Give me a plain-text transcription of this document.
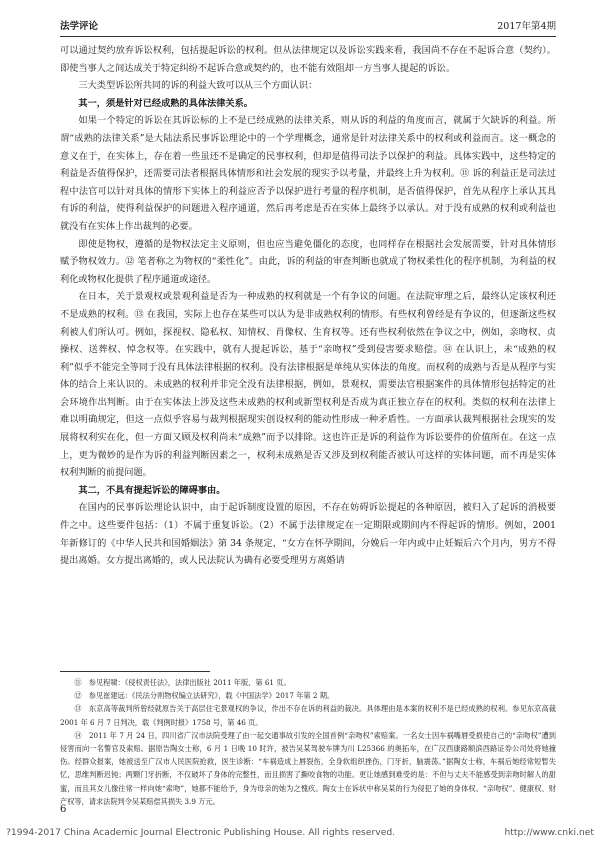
法学评论	2017年第4期

可以通过契约放弃诉讼权利，包括提起诉讼的权利。但从法律规定以及诉讼实践来看，我国尚不存在不起诉合意（契约）。即使当事人之间达成关于特定纠纷不起诉合意或契约的，也不能有效阻却一方当事人提起的诉讼。

三大类型诉讼所共同的诉的利益大致可以从三个方面认识：

其一，须是针对已经成熟的具体法律关系。

如果一个特定的诉讼在其诉讼标的上不是已经成熟的法律关系，则从诉的利益的角度而言，就属于欠缺诉的利益。所谓“成熟的法律关系”是大陆法系民事诉讼理论中的一个学理概念，通常是针对法律关系中的权利或利益而言。这一概念的意义在于，在实体上，存在着一些虽还不是确定的民事权利，但却是值得司法予以保护的利益。具体实践中，这些特定的利益是否值得保护，还需要司法者根据具体情形和社会发展的现实予以考量，并最终上升为权利。⑪ 诉的利益正是司法过程中法官可以针对具体的情形下实体上的利益应否予以保护进行考量的程序机制，是否值得保护，首先从程序上承认其具有诉的利益，使得利益保护的问题进入程序通道，然后再考虑是否在实体上最终予以承认。对于没有成熟的权利或利益也就没有在实体上作出裁判的必要。

即使是物权，遵循的是物权法定主义原则，但也应当避免僵化的态度，也同样存在根据社会发展需要，针对具体情形赋予物权效力。⑫ 笔者称之为物权的“柔性化”。由此，诉的利益的审查判断也就成了物权柔性化的程序机制，为利益的权利化或物权化提供了程序通道或途径。

在日本，关于景观权或景观利益是否为一种成熟的权利就是一个有争议的问题。在法院审理之后，最终认定该权利还不是成熟的权利。⑬ 在我国，实际上也存在某些可以认为是非成熟权利的情形。有些权利曾经是有争议的，但逐渐这些权利被人们所认可。例如，探视权、隐私权、知情权、肖像权、生育权等。还有些权利依然在争议之中，例如，亲吻权、贞操权、送葬权、悼念权等。在实践中，就有人提起诉讼，基于“亲吻权”受到侵害要求赔偿。⑭ 在认识上，未“成熟的权利”似乎不能完全等同于没有具体法律根据的权利。没有法律根据是单纯从实体法的角度。而权利的成熟与否是从程序与实体的结合上来认识的。未成熟的权利并非完全没有法律根据，例如，景观权，需要法官根据案件的具体情形包括特定的社会环境作出判断。由于在实体法上涉及这些未成熟的权利或新型权利是否成为真正独立存在的权利。类似的权利在法律上难以明确规定，但这一点似乎容易与裁判根据现实创设权利的能动性形成一种矛盾性。一方面承认裁判根据社会现实的发展将权利实在化，但一方面又顾及权利尚未“成熟”而予以排除。这也许正是诉的利益作为诉讼要件的价值所在。在这一点上，更为微妙的是作为诉的利益判断因素之一，权利未成熟是否又涉及到权利能否被认可这样的实体问题，而不再是实体权利判断的前提问题。

其二，不具有提起诉讼的障碍事由。

在国内的民事诉讼理论认识中，由于起诉制度设置的原因，不存在妨碍诉讼提起的各种原因，被归入了起诉的消极要件之中。这些要件包括：（1）不属于重复诉讼。（2）不属于法律规定在一定期限或期间内不得起诉的情形。例如，2001 年新修订的《中华人民共和国婚姻法》第 34 条规定，“女方在怀孕期间，分娩后一年内或中止妊娠后六个月内，男方不得提出离婚。女方提出离婚的，或人民法院认为确有必要受理男方离婚请

⑪　参见程啸：《侵权责任法》，法律出版社 2011 年版，第 61 页。

⑫　参见崔建远：《民法分则物权编立法研究》，载《中国法学》2017 年第 2 期。

⑬　东京高等裁判所曾经就原告关于高层住宅景观权的争议，作出不存在诉的利益的裁决。具体理由是本案的权利不是已经成熟的权利。参见东京高裁 2001 年 6 月 7 日判决，载《判例时报》1758 号，第 46 页。

⑭　2011 年 7 月 24 日，四川省广汉市法院受理了由一起交通事故引发的全国首例“亲吻权”索赔案。一名女士因车祸嘴唇受损使自己的“亲吻权”遭到侵害而向一名警官及索赔。据原告陶女士称，6 月 1 日晚 10 时许，被告吴某驾驶车牌为川 L25366 的奥拓车，在广汉西康路顺滨西路证券公司处将她撞伤。经群众报案，她被送至广汉市人民医院抢救，医生诊断：“车祸造成上唇裂伤，全身软组织挫伤，门牙折，脑震荡。”据陶女士称，车祸后她经常短暂失忆，思维判断迟钝；两颗门牙折断，不仅破坏了身体的完整性，而且损害了撕咬食物的功能。更让她感到难受的是：不但与丈夫不能感受到亲吻时解人的甜蜜，而且其女儿像往常一样向她“索吻”，她都不能给予，身为母亲的她为之愧疚。陶女士在诉状中称吴某的行为侵犯了她的身体权、“亲吻权”、健康权、财产权等，请求法院判令吴某赔偿其损失 3.9 万元。

6
?1994-2017 China Academic Journal Electronic Publishing House. All rights reserved.	http://www.cnki.net
